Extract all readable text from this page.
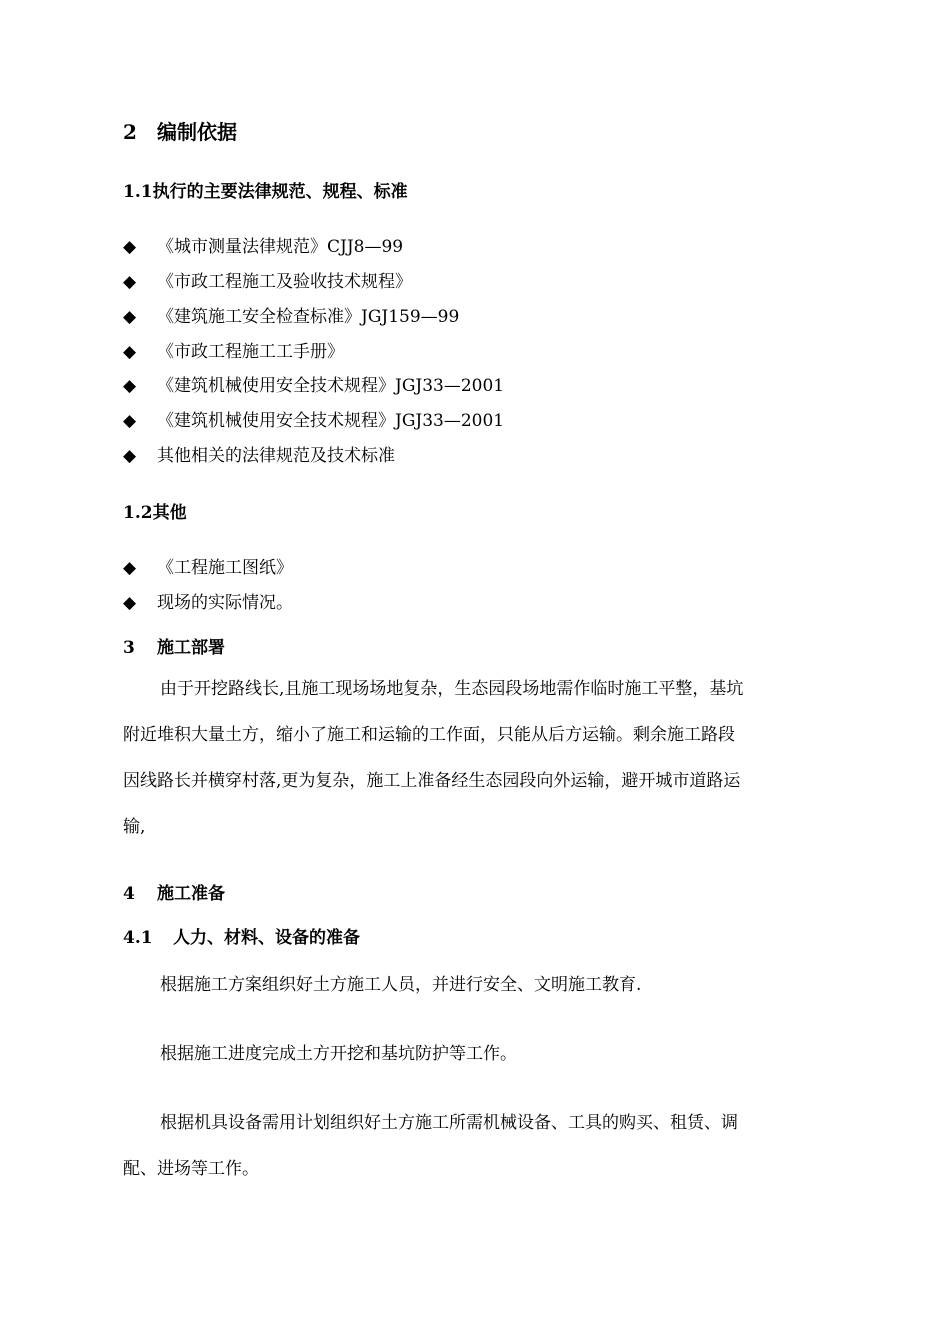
2 编制依据
1.1执行的主要法律规范、规程、标准
◆ 《城市测量法律规范》CJJ8—99
◆ 《市政工程施工及验收技术规程》
◆ 《建筑施工安全检查标准》JGJ159—99
◆ 《市政工程施工工手册》
◆ 《建筑机械使用安全技术规程》JGJ33—2001
◆ 《建筑机械使用安全技术规程》JGJ33—2001
◆ 其他相关的法律规范及技术标准
1.2其他
◆ 《工程施工图纸》
◆ 现场的实际情况。
3 施工部署

由于开挖路线长,且施工现场场地复杂，生态园段场地需作临时施工平整，基坑

附近堆积大量土方，缩小了施工和运输的工作面，只能从后方运输。剩余施工路段

因线路长并横穿村落,更为复杂，施工上准备经生态园段向外运输，避开城市道路运

输,

4 施工准备
4.1 人力、材料、设备的准备

根据施工方案组织好土方施工人员，并进行安全、文明施工教育.

根据施工进度完成土方开挖和基坑防护等工作。

根据机具设备需用计划组织好土方施工所需机械设备、工具的购买、租赁、调

配、进场等工作。
